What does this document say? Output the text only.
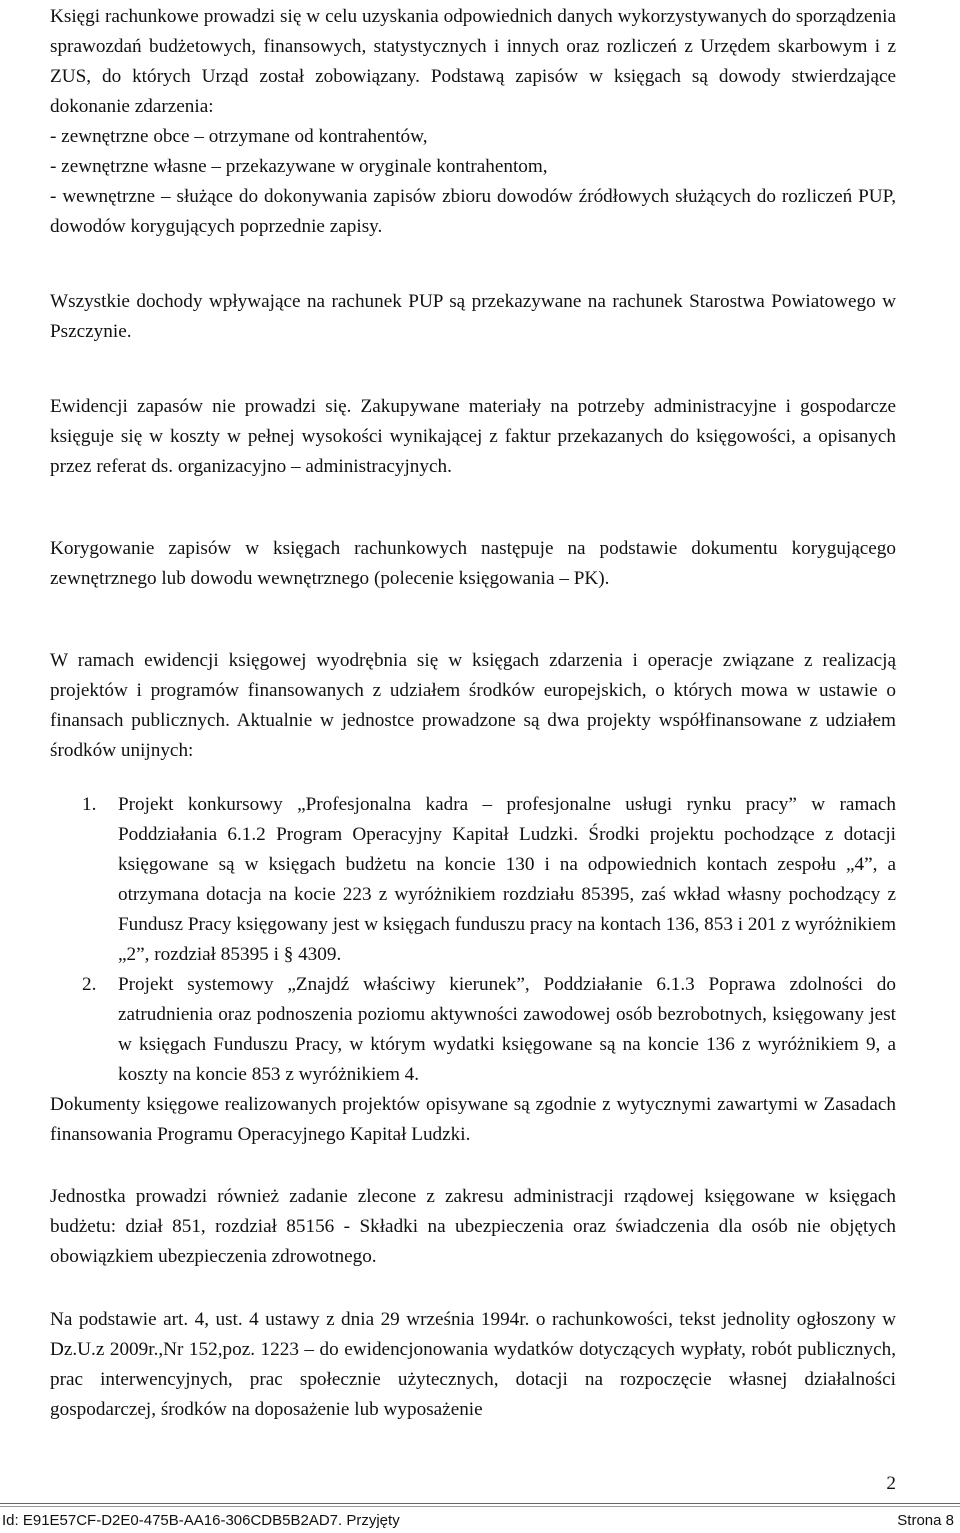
Księgi rachunkowe prowadzi się w celu uzyskania odpowiednich danych wykorzystywanych do sporządzenia sprawozdań budżetowych, finansowych, statystycznych i innych oraz rozliczeń z Urzędem skarbowym i z ZUS, do których Urząd został zobowiązany. Podstawą zapisów w księgach są dowody stwierdzające dokonanie zdarzenia:

- zewnętrzne obce – otrzymane od kontrahentów,

- zewnętrzne własne – przekazywane w oryginale kontrahentom,

- wewnętrzne – służące do dokonywania zapisów zbioru dowodów źródłowych służących do rozliczeń PUP, dowodów korygujących poprzednie zapisy.

Wszystkie dochody wpływające na rachunek PUP są przekazywane na rachunek Starostwa Powiatowego w Pszczynie.

Ewidencji zapasów nie prowadzi się. Zakupywane materiały na potrzeby administracyjne i gospodarcze księguje się w koszty w pełnej wysokości wynikającej z faktur przekazanych do księgowości, a opisanych przez referat ds. organizacyjno – administracyjnych.

Korygowanie zapisów w księgach rachunkowych następuje na podstawie dokumentu korygującego zewnętrznego lub dowodu wewnętrznego (polecenie księgowania – PK).

W ramach ewidencji księgowej wyodrębnia się w księgach zdarzenia i operacje związane z realizacją projektów i programów finansowanych z udziałem środków europejskich, o których mowa w ustawie o finansach publicznych. Aktualnie w jednostce prowadzone są dwa projekty współfinansowane z udziałem środków unijnych:

1. Projekt konkursowy „Profesjonalna kadra – profesjonalne usługi rynku pracy” w ramach Poddziałania 6.1.2 Program Operacyjny Kapitał Ludzki. Środki projektu pochodzące z dotacji księgowane są w księgach budżetu na koncie 130 i na odpowiednich kontach zespołu „4”, a otrzymana dotacja na kocie 223 z wyróżnikiem rozdziału 85395, zaś wkład własny pochodzący z Fundusz Pracy księgowany jest w księgach funduszu pracy na kontach 136, 853 i 201 z wyróżnikiem „2”, rozdział 85395 i § 4309.
2. Projekt systemowy „Znajdź właściwy kierunek”, Poddziałanie 6.1.3 Poprawa zdolności do zatrudnienia oraz podnoszenia poziomu aktywności zawodowej osób bezrobotnych, księgowany jest w księgach Funduszu Pracy, w którym wydatki księgowane są na koncie 136 z wyróżnikiem 9, a koszty na koncie 853 z wyróżnikiem 4.

Dokumenty księgowe realizowanych projektów opisywane są zgodnie z wytycznymi zawartymi w Zasadach finansowania Programu Operacyjnego Kapitał Ludzki.

Jednostka prowadzi również zadanie zlecone z zakresu administracji rządowej księgowane w księgach budżetu: dział 851, rozdział 85156 - Składki na ubezpieczenia oraz świadczenia dla osób nie objętych obowiązkiem ubezpieczenia zdrowotnego.

Na podstawie art. 4, ust. 4 ustawy z dnia 29 września 1994r. o rachunkowości, tekst jednolity ogłoszony w Dz.U.z 2009r.,Nr 152,poz. 1223 – do ewidencjonowania wydatków dotyczących wypłaty, robót publicznych, prac interwencyjnych, prac społecznie użytecznych, dotacji na rozpoczęcie własnej działalności gospodarczej, środków na doposażenie lub wyposażenie

2
Id: E91E57CF-D2E0-475B-AA16-306CDB5B2AD7. Przyjęty	Strona 8
